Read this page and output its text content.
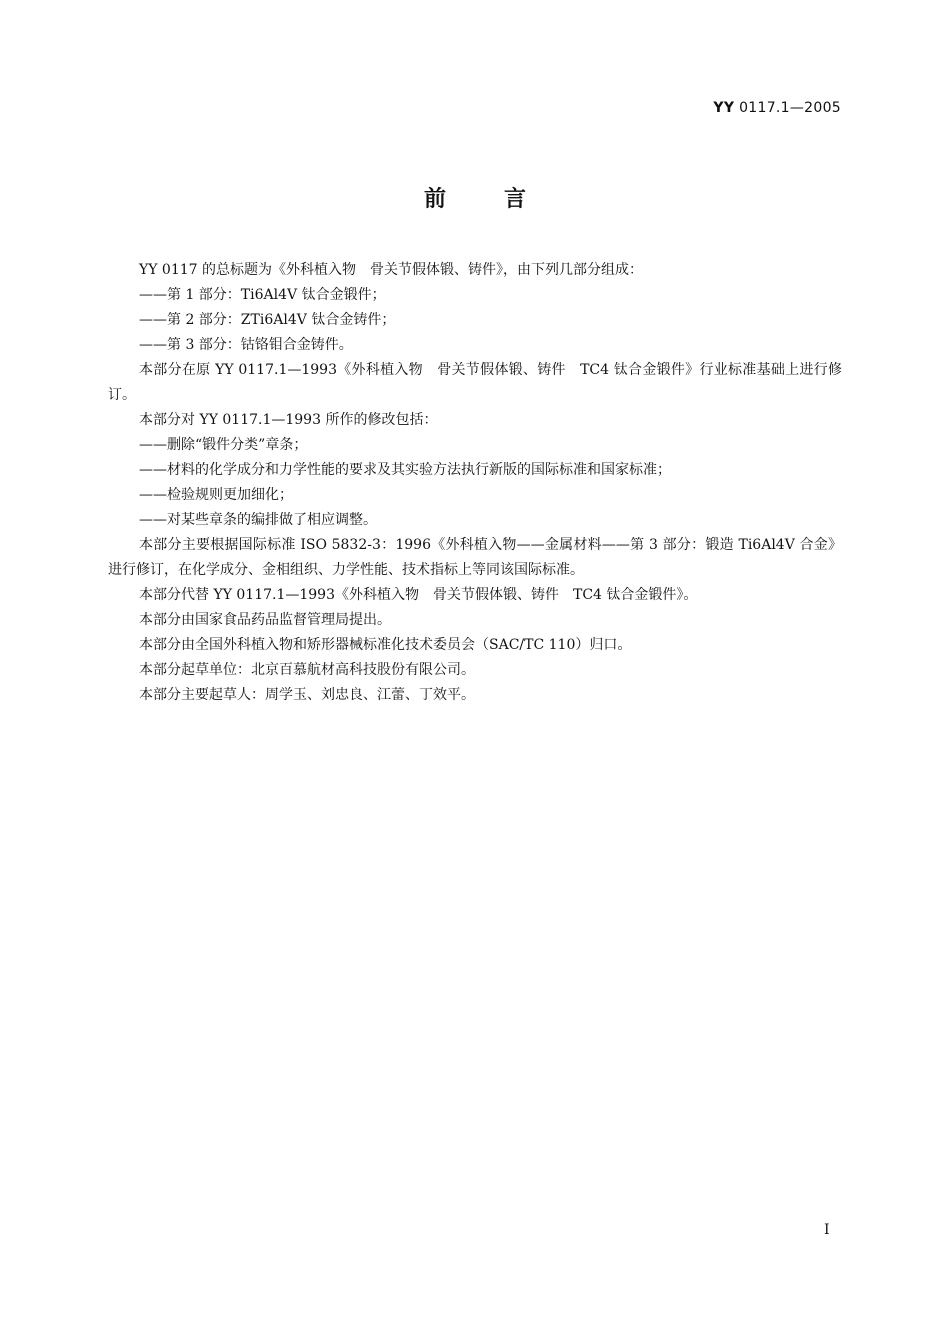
YY 0117.1—2005
前言

YY 0117 的总标题为《外科植入物　骨关节假体锻、铸件》，由下列几部分组成：

——第 1 部分：Ti6Al4V 钛合金锻件；

——第 2 部分：ZTi6Al4V 钛合金铸件；

——第 3 部分：钴铬钼合金铸件。

本部分在原 YY 0117.1—1993《外科植入物　骨关节假体锻、铸件　TC4 钛合金锻件》行业标准基础上进行修订。

本部分对 YY 0117.1—1993 所作的修改包括：

——删除“锻件分类”章条；

——材料的化学成分和力学性能的要求及其实验方法执行新版的国际标准和国家标准；

——检验规则更加细化；

——对某些章条的编排做了相应调整。

本部分主要根据国际标准 ISO 5832-3：1996《外科植入物——金属材料——第 3 部分：锻造 Ti6Al4V 合金》进行修订，在化学成分、金相组织、力学性能、技术指标上等同该国际标准。

本部分代替 YY 0117.1—1993《外科植入物　骨关节假体锻、铸件　TC4 钛合金锻件》。

本部分由国家食品药品监督管理局提出。

本部分由全国外科植入物和矫形器械标准化技术委员会（SAC/TC 110）归口。

本部分起草单位：北京百慕航材高科技股份有限公司。

本部分主要起草人：周学玉、刘忠良、江蕾、丁效平。

I
